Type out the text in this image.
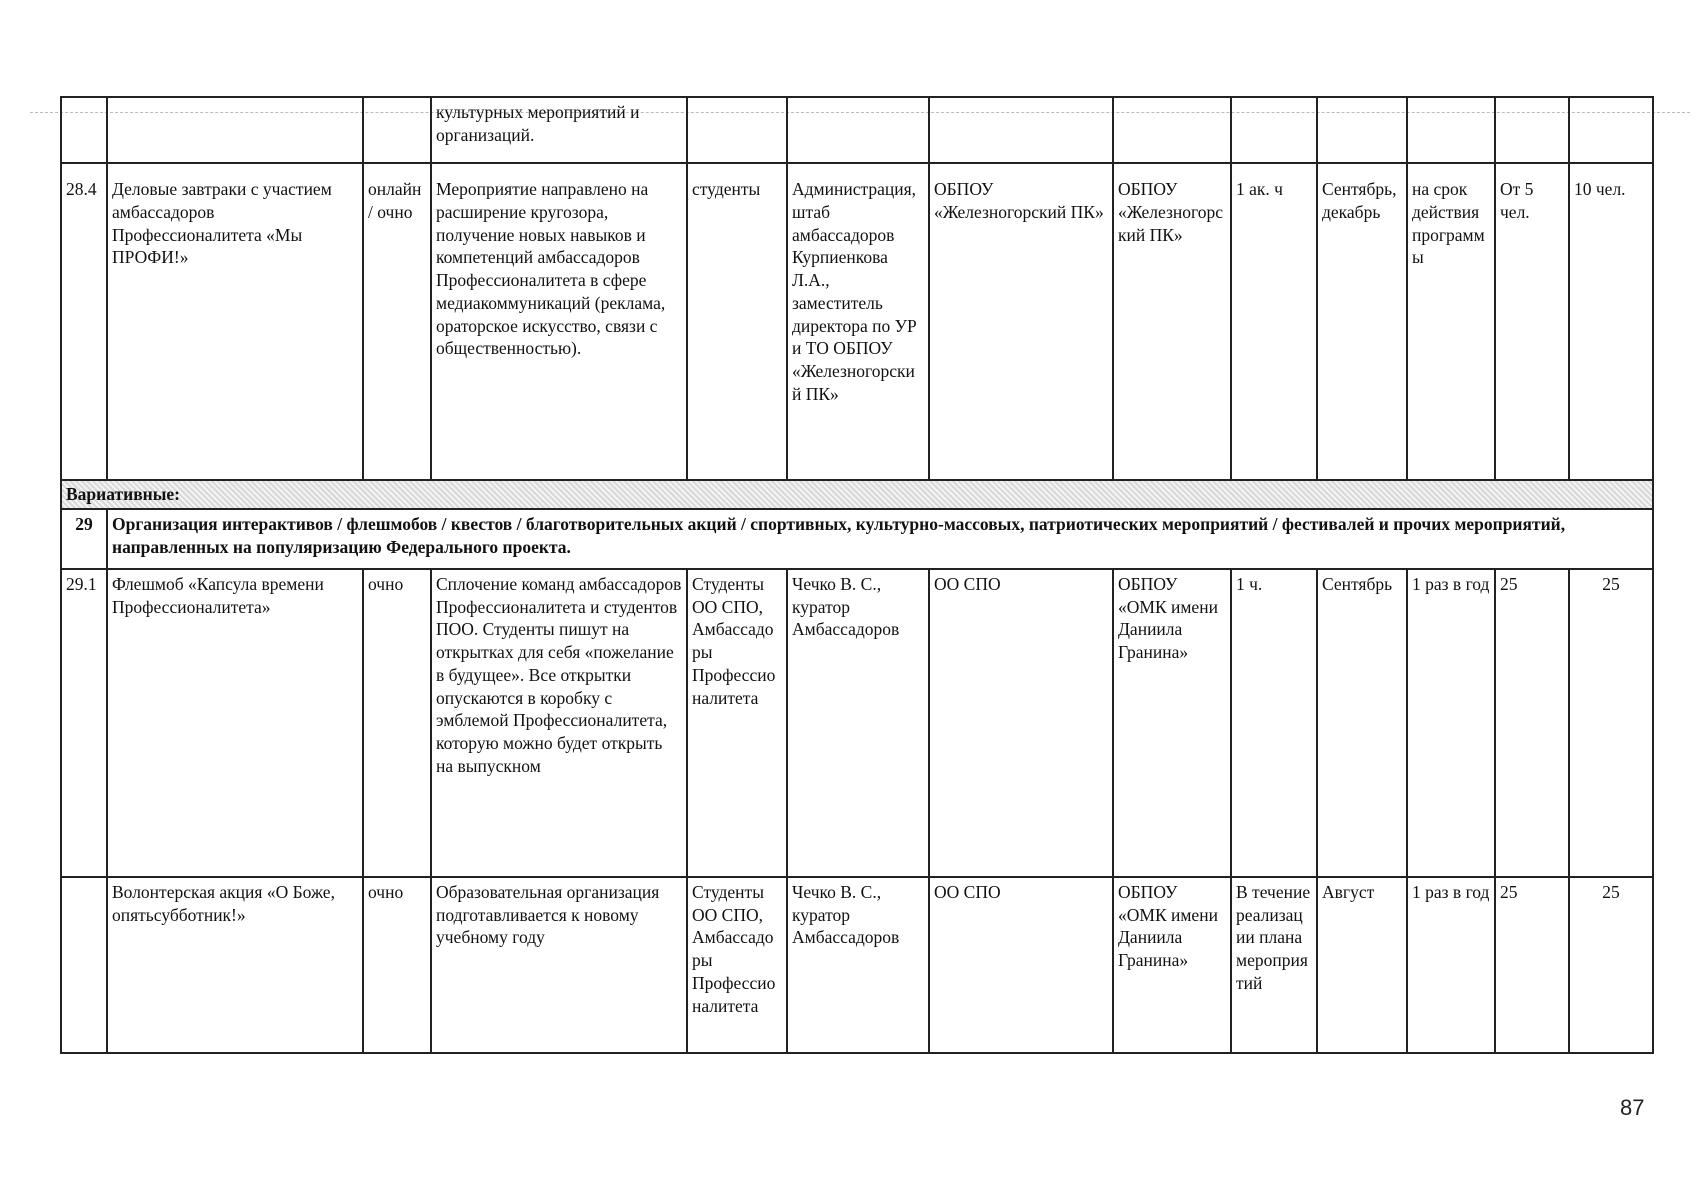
			культурных мероприятий и организаций.									
28.4	Деловые завтраки с участием амбассадоров Профессионалитета «Мы ПРОФИ!»	онлайн / очно	Мероприятие направлено на расширение кругозора, получение новых навыков и компетенций амбассадоров Профессионалитета в сфере медиакоммуникаций (реклама, ораторское искусство, связи с общественностью).	студенты	Администрация, штаб амбассадоров Курпиенкова Л.А., заместитель директора по УР и ТО ОБПОУ «Железногорский ПК»	ОБПОУ «Железногорский ПК»	ОБПОУ «Железногорский ПК»	1 ак. ч	Сентябрь, декабрь	на срок действия программы	От 5 чел.	10 чел.
Вариативные:												
29	Организация интерактивов / флешмобов / квестов / благотворительных акций / спортивных, культурно-массовых, патриотических мероприятий / фестивалей и прочих мероприятий, направленных на популяризацию Федерального проекта.											
29.1	Флешмоб «Капсула времени Профессионалитета»	очно	Сплочение команд амбассадоров Профессионалитета и студентов ПОО. Студенты пишут на открытках для себя «пожелание в будущее». Все открытки опускаются в коробку с эмблемой Профессионалитета, которую можно будет открыть на выпускном	Студенты ОО СПО, Амбассадоры Профессионалитета	Чечко В. С., куратор Амбассадоров	ОО СПО	ОБПОУ «ОМК имени Даниила Гранина»	1 ч.	Сентябрь	1 раз в год	25	25
	Волонтерская акция «О Боже, опятьсубботник!»	очно	Образовательная организация подготавливается к новому учебному году	Студенты ОО СПО, Амбассадоры Профессионалитета	Чечко В. С., куратор Амбассадоров	ОО СПО	ОБПОУ «ОМК имени Даниила Гранина»	В течение реализации плана мероприятий	Август	1 раз в год	25	25
87
